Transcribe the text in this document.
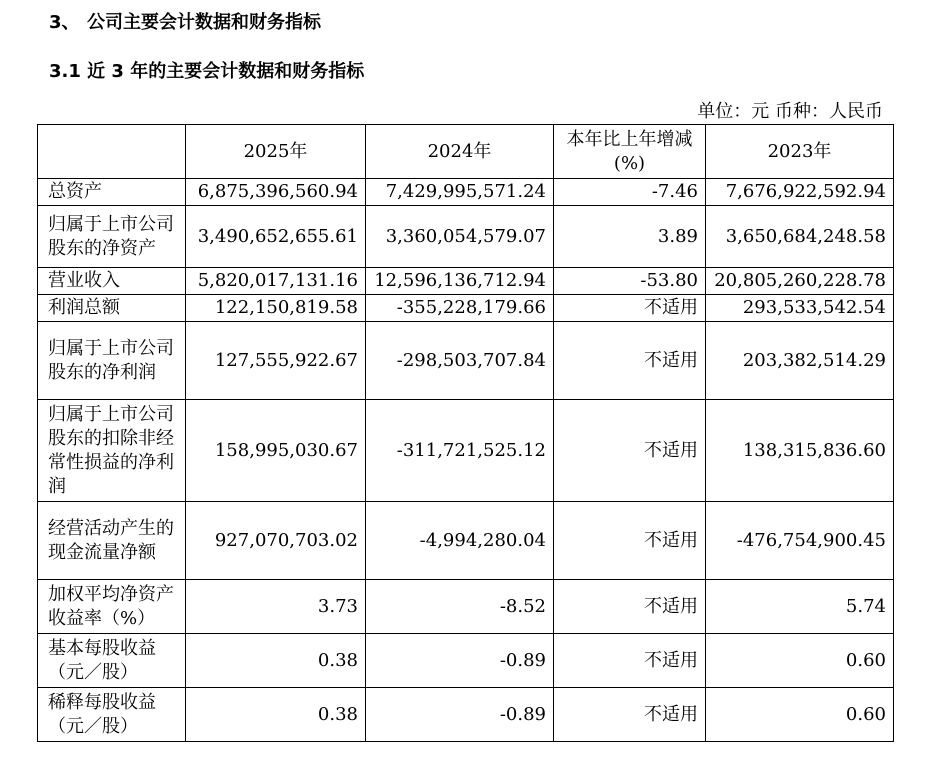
3、 公司主要会计数据和财务指标
3.1 近 3 年的主要会计数据和财务指标
单位：元 币种：人民币
	2025年	2024年	本年比上年增减(%)	2023年
总资产	6,875,396,560.94	7,429,995,571.24	-7.46	7,676,922,592.94
归属于上市公司股东的净资产	3,490,652,655.61	3,360,054,579.07	3.89	3,650,684,248.58
营业收入	5,820,017,131.16	12,596,136,712.94	-53.80	20,805,260,228.78
利润总额	122,150,819.58	-355,228,179.66	不适用	293,533,542.54
归属于上市公司股东的净利润	127,555,922.67	-298,503,707.84	不适用	203,382,514.29
归属于上市公司股东的扣除非经常性损益的净利润	158,995,030.67	-311,721,525.12	不适用	138,315,836.60
经营活动产生的现金流量净额	927,070,703.02	-4,994,280.04	不适用	-476,754,900.45
加权平均净资产收益率（%）	3.73	-8.52	不适用	5.74
基本每股收益（元／股）	0.38	-0.89	不适用	0.60
稀释每股收益（元／股）	0.38	-0.89	不适用	0.60
